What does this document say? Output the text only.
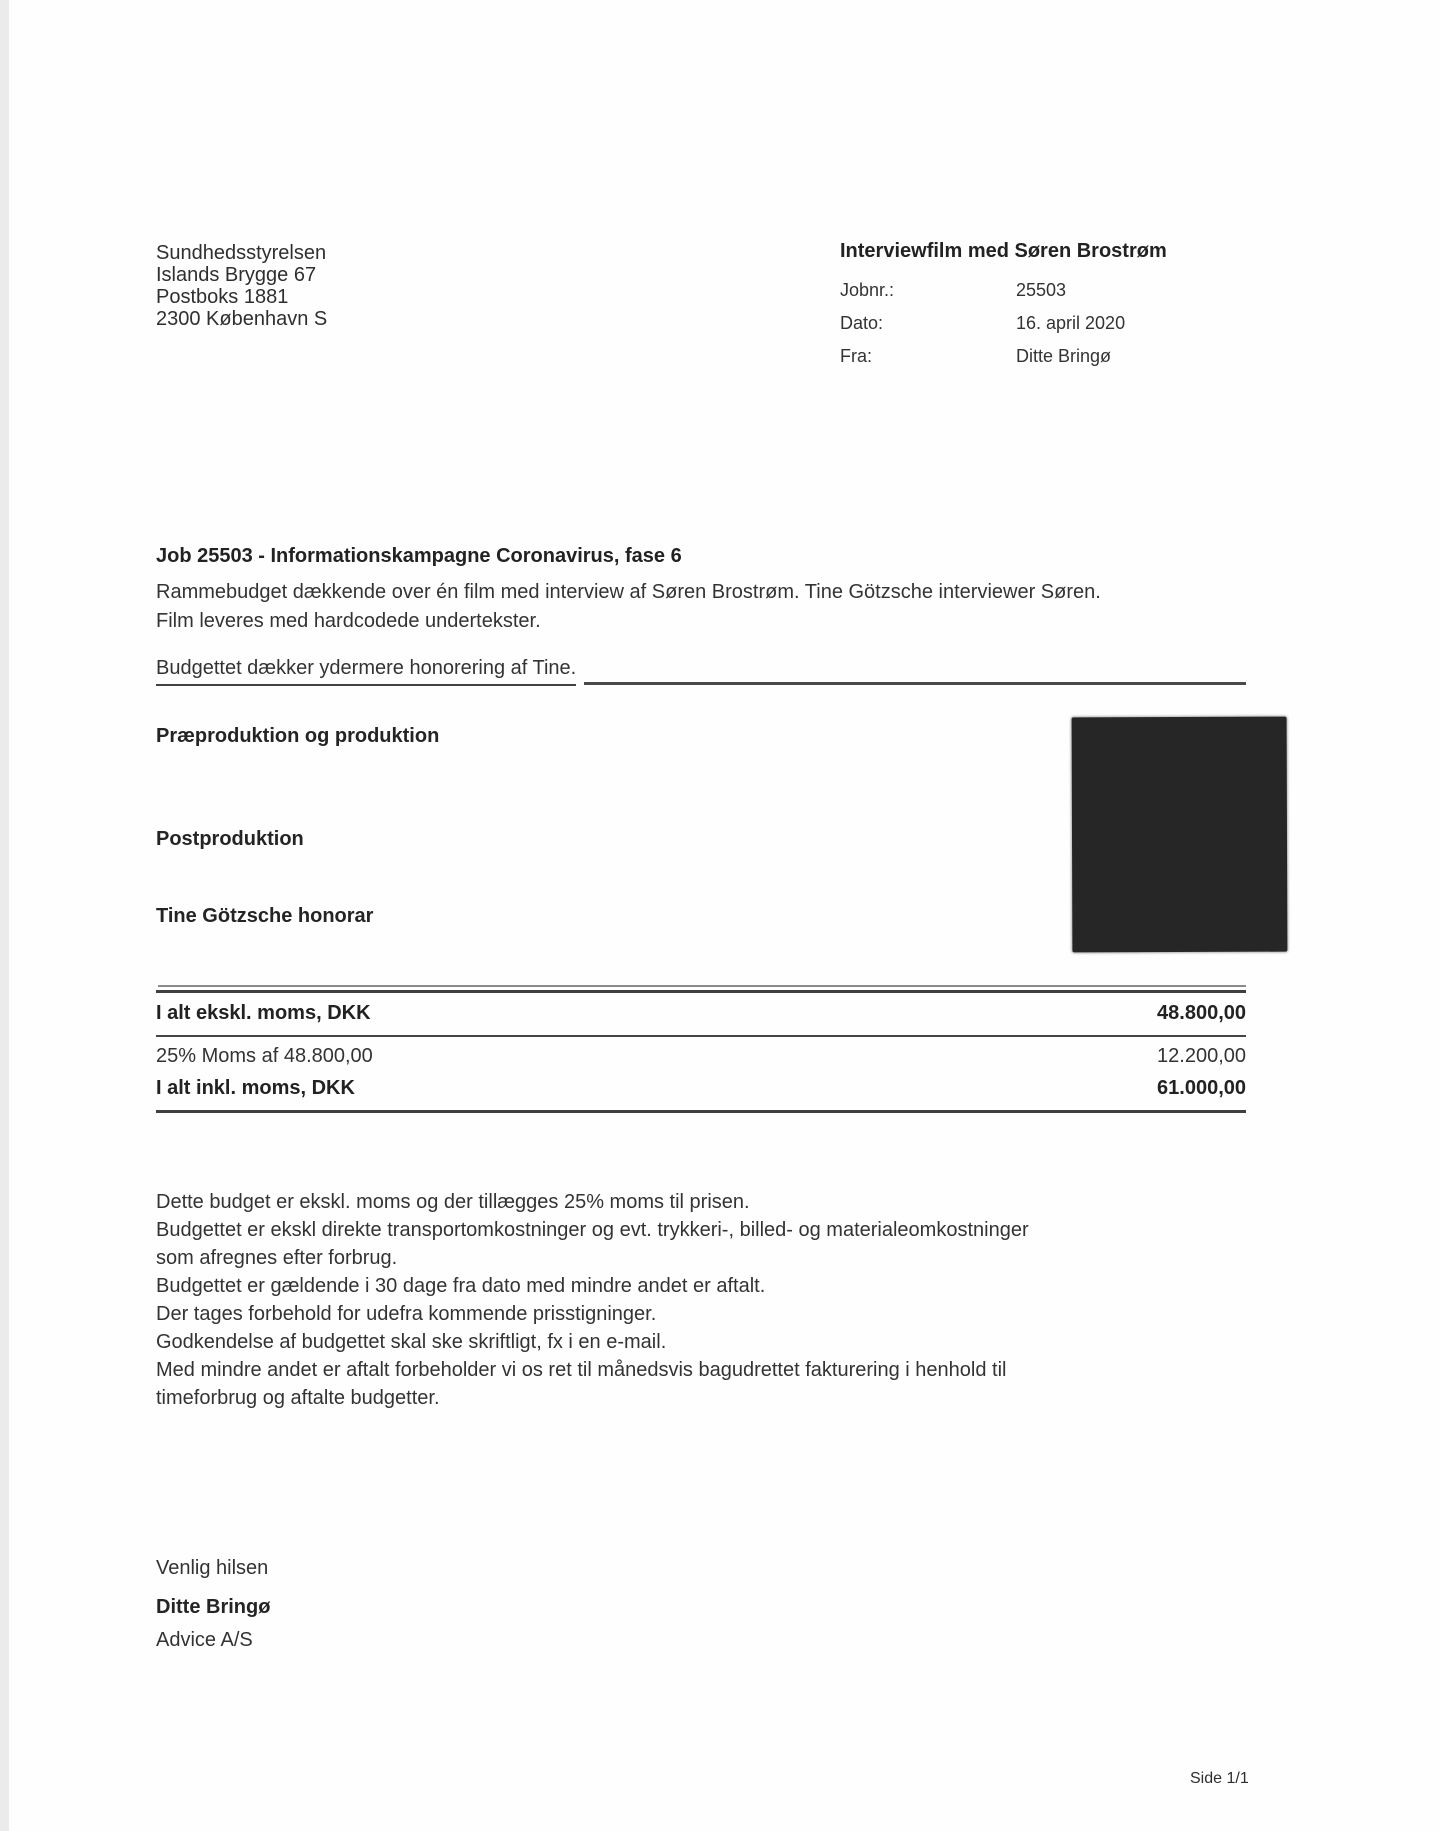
Sundhedsstyrelsen
Islands Brygge 67
Postboks 1881
2300 København S
Interviewfilm med Søren Brostrøm
Jobnr.:	25503
Dato:	16. april 2020
Fra:	Ditte Bringø
Job 25503 - Informationskampagne Coronavirus, fase 6
Rammebudget dækkende over én film med interview af Søren Brostrøm. Tine Götzsche interviewer Søren.
Film leveres med hardcodede undertekster.
Budgettet dækker ydermere honorering af Tine.
Præproduktion og produktion
Postproduktion
Tine Götzsche honorar
I alt ekskl. moms, DKK	48.800,00
25% Moms af 48.800,00	12.200,00
I alt inkl. moms, DKK	61.000,00
Dette budget er ekskl. moms og der tillægges 25% moms til prisen.
Budgettet er ekskl direkte transportomkostninger og evt. trykkeri-, billed- og materialeomkostninger
som afregnes efter forbrug.
Budgettet er gældende i 30 dage fra dato med mindre andet er aftalt.
Der tages forbehold for udefra kommende prisstigninger.
Godkendelse af budgettet skal ske skriftligt, fx i en e-mail.
Med mindre andet er aftalt forbeholder vi os ret til månedsvis bagudrettet fakturering i henhold til
timeforbrug og aftalte budgetter.
Venlig hilsen
Ditte Bringø
Advice A/S
Side 1/1
